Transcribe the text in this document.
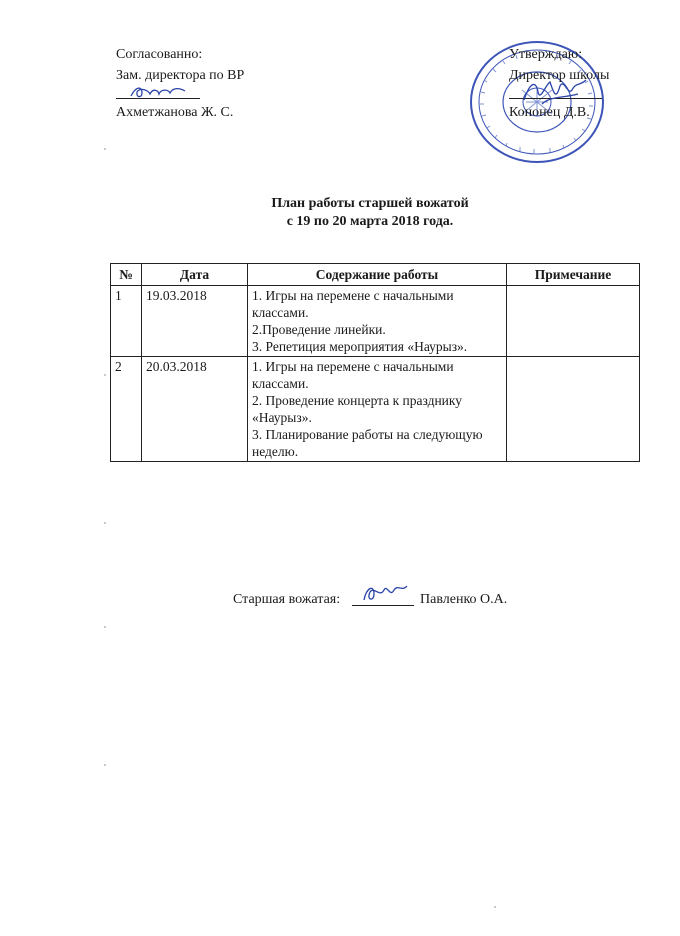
Согласованно:
Зам. директора по ВР
Ахметжанова Ж. С.
Утверждаю:
Директор школы
Кононец Д.В.
План работы старшей вожатой
с 19 по 20 марта 2018 года.
№	Дата	Содержание работы	Примечание
1	19.03.2018	1. Игры на перемене с начальными классами.
2.Проведение линейки.
3. Репетиция мероприятия «Наурыз».	

2	20.03.2018	1. Игры на перемене с начальными классами.
2. Проведение концерта к празднику «Наурыз».
3. Планирование работы на следующую неделю.	

Старшая вожатая:	Павленко О.А.
